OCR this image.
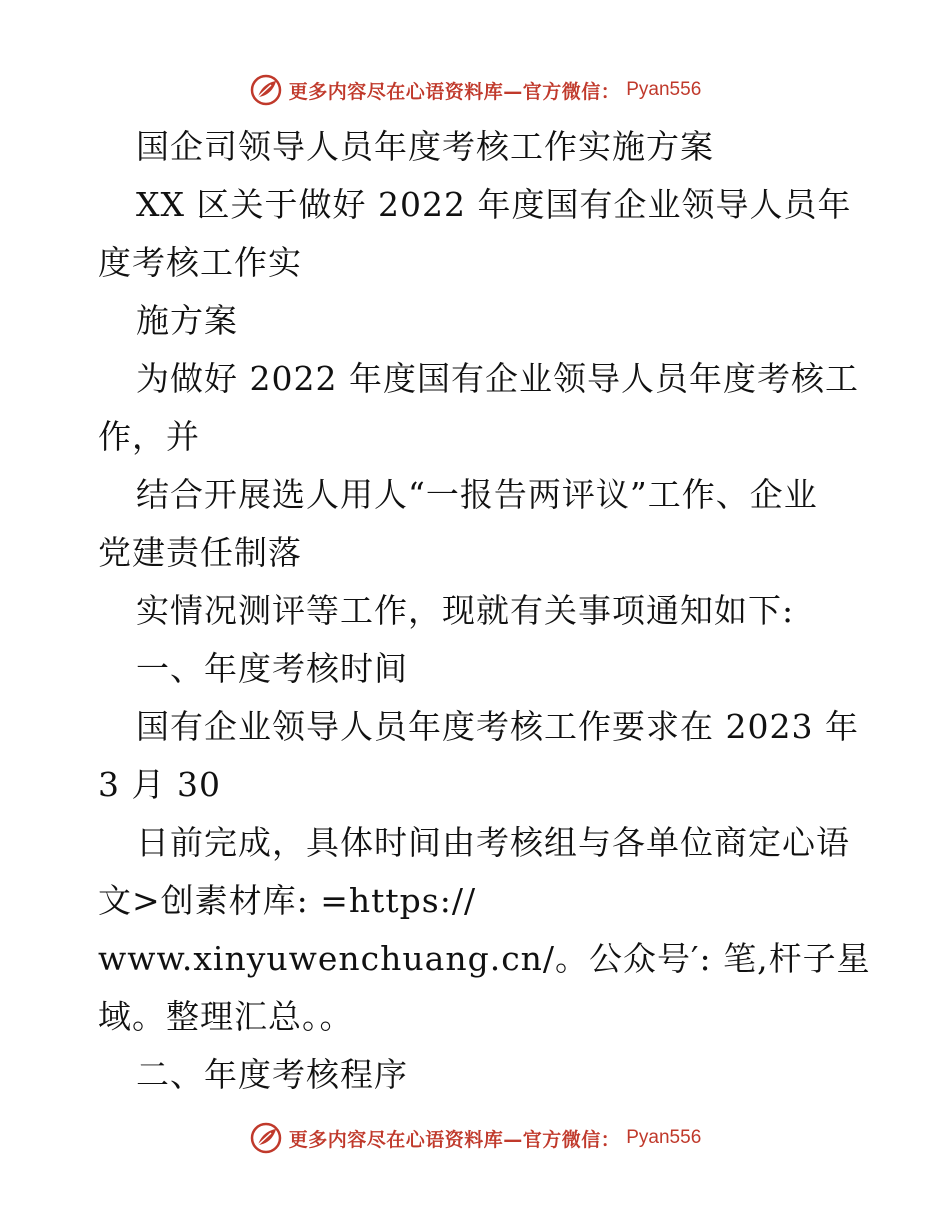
更多内容尽在心语资料库—官方微信： Pyan556
国企司领导人员年度考核工作实施方案
XX 区关于做好 2022 年度国有企业领导人员年
度考核工作实
施方案
为做好 2022 年度国有企业领导人员年度考核工
作，并
结合开展选人用人“一报告两评议”工作、企业
党建责任制落
实情况测评等工作，现就有关事项通知如下:
一、年度考核时间
国有企业领导人员年度考核工作要求在 2023 年
3 月 30
日前完成，具体时间由考核组与各单位商定心语
文>创素材库: =https://
www.xinyuwenchuang.cn/。公众号′: 笔,杆子星
域。整理汇总。。
二、年度考核程序
更多内容尽在心语资料库—官方微信： Pyan556
